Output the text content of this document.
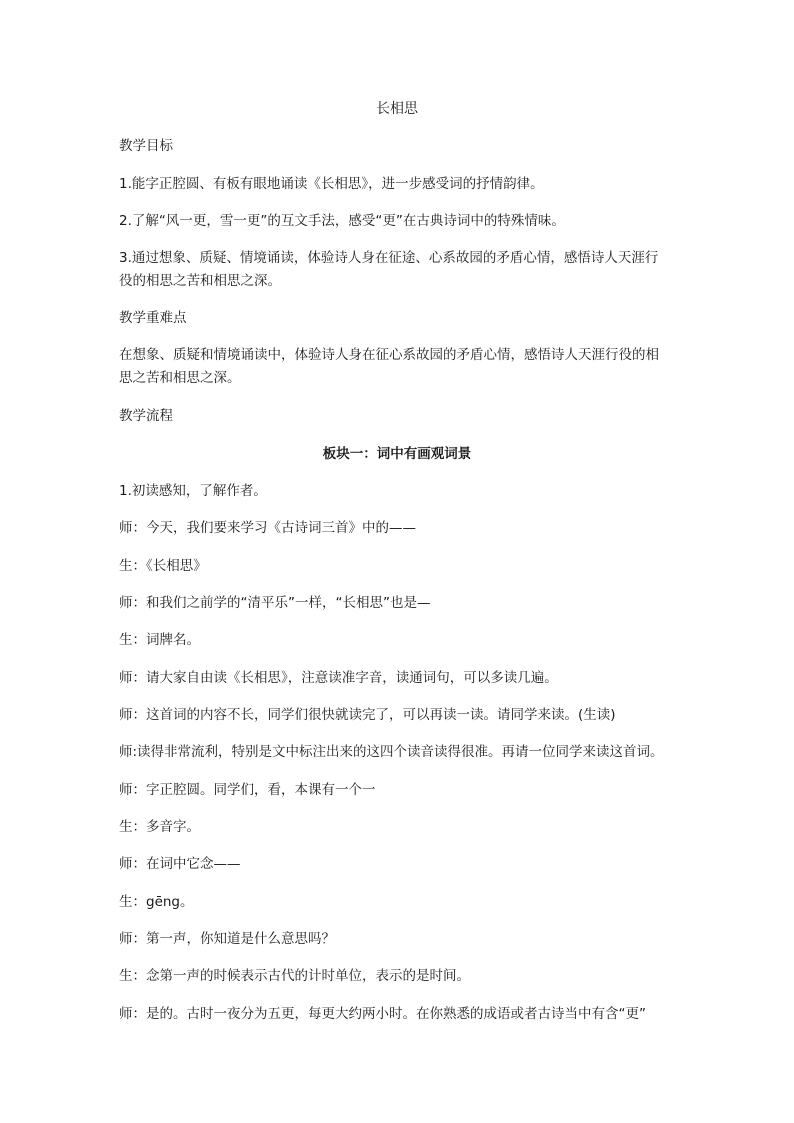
长相思
教学目标
1.能字正腔圆、有板有眼地诵读《长相思》，进一步感受词的抒情韵律。
2.了解“风一更，雪一更”的互文手法，感受“更”在古典诗词中的特殊情味。
3.通过想象、质疑、情境诵读，体验诗人身在征途、心系故园的矛盾心情，感悟诗人天涯行
役的相思之苦和相思之深。
教学重难点
在想象、质疑和情境诵读中，体验诗人身在征心系故园的矛盾心情，感悟诗人天涯行役的相
思之苦和相思之深。
教学流程
板块一：词中有画观词景
1.初读感知，了解作者。
师：今天，我们要来学习《古诗词三首》中的——
生：《长相思》
师：和我们之前学的“清平乐”一样，“长相思”也是—
生：词牌名。
师：请大家自由读《长相思》，注意读准字音，读通词句，可以多读几遍。
师：这首词的内容不长，同学们很快就读完了，可以再读一读。请同学来读。(生读)
师:读得非常流利，特别是文中标注出来的这四个读音读得很准。再请一位同学来读这首词。
师：字正腔圆。同学们，看，本课有一个一
生：多音字。
师：在词中它念——
生：gēng。
师：第一声，你知道是什么意思吗？
生：念第一声的时候表示古代的计时单位，表示的是时间。
师：是的。古时一夜分为五更，每更大约两小时。在你熟悉的成语或者古诗当中有含“更”
